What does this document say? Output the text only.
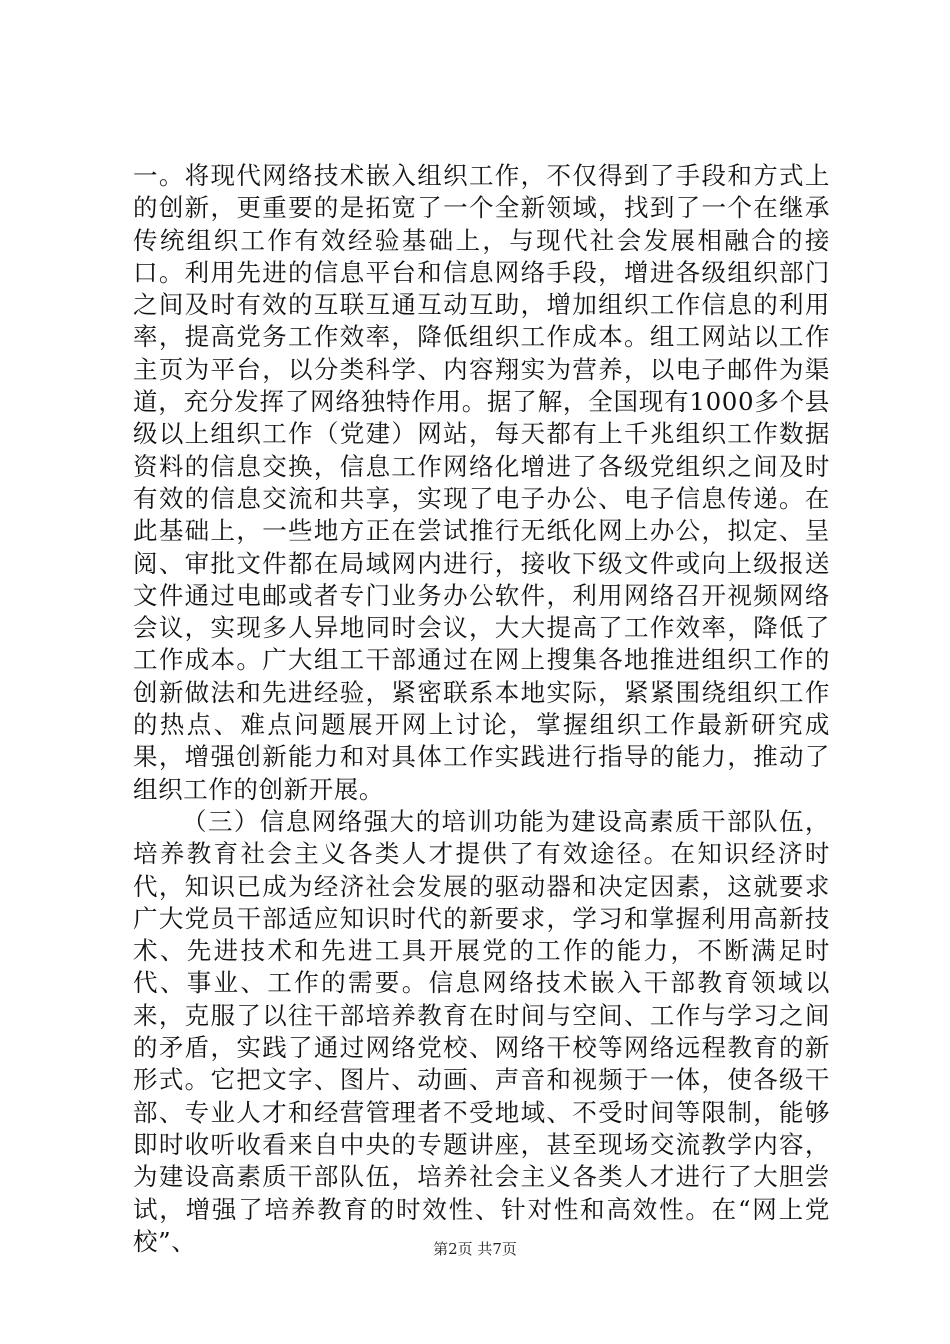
一。将现代网络技术嵌入组织工作，不仅得到了手段和方式上的创新，更重要的是拓宽了一个全新领域，找到了一个在继承传统组织工作有效经验基础上，与现代社会发展相融合的接口。利用先进的信息平台和信息网络手段，增进各级组织部门之间及时有效的互联互通互动互助，增加组织工作信息的利用率，提高党务工作效率，降低组织工作成本。组工网站以工作主页为平台，以分类科学、内容翔实为营养，以电子邮件为渠道，充分发挥了网络独特作用。据了解，全国现有1000多个县级以上组织工作（党建）网站，每天都有上千兆组织工作数据资料的信息交换，信息工作网络化增进了各级党组织之间及时有效的信息交流和共享，实现了电子办公、电子信息传递。在此基础上，一些地方正在尝试推行无纸化网上办公，拟定、呈阅、审批文件都在局域网内进行，接收下级文件或向上级报送文件通过电邮或者专门业务办公软件，利用网络召开视频网络会议，实现多人异地同时会议，大大提高了工作效率，降低了工作成本。广大组工干部通过在网上搜集各地推进组织工作的创新做法和先进经验，紧密联系本地实际，紧紧围绕组织工作的热点、难点问题展开网上讨论，掌握组织工作最新研究成果，增强创新能力和对具体工作实践进行指导的能力，推动了组织工作的创新开展。

（三）信息网络强大的培训功能为建设高素质干部队伍，培养教育社会主义各类人才提供了有效途径。在知识经济时代，知识已成为经济社会发展的驱动器和决定因素，这就要求广大党员干部适应知识时代的新要求，学习和掌握利用高新技术、先进技术和先进工具开展党的工作的能力，不断满足时代、事业、工作的需要。信息网络技术嵌入干部教育领域以来，克服了以往干部培养教育在时间与空间、工作与学习之间的矛盾，实践了通过网络党校、网络干校等网络远程教育的新形式。它把文字、图片、动画、声音和视频于一体，使各级干部、专业人才和经营管理者不受地域、不受时间等限制，能够即时收听收看来自中央的专题讲座，甚至现场交流教学内容，为建设高素质干部队伍，培养社会主义各类人才进行了大胆尝试，增强了培养教育的时效性、针对性和高效性。在“网上党校”、	第2页 共7页
